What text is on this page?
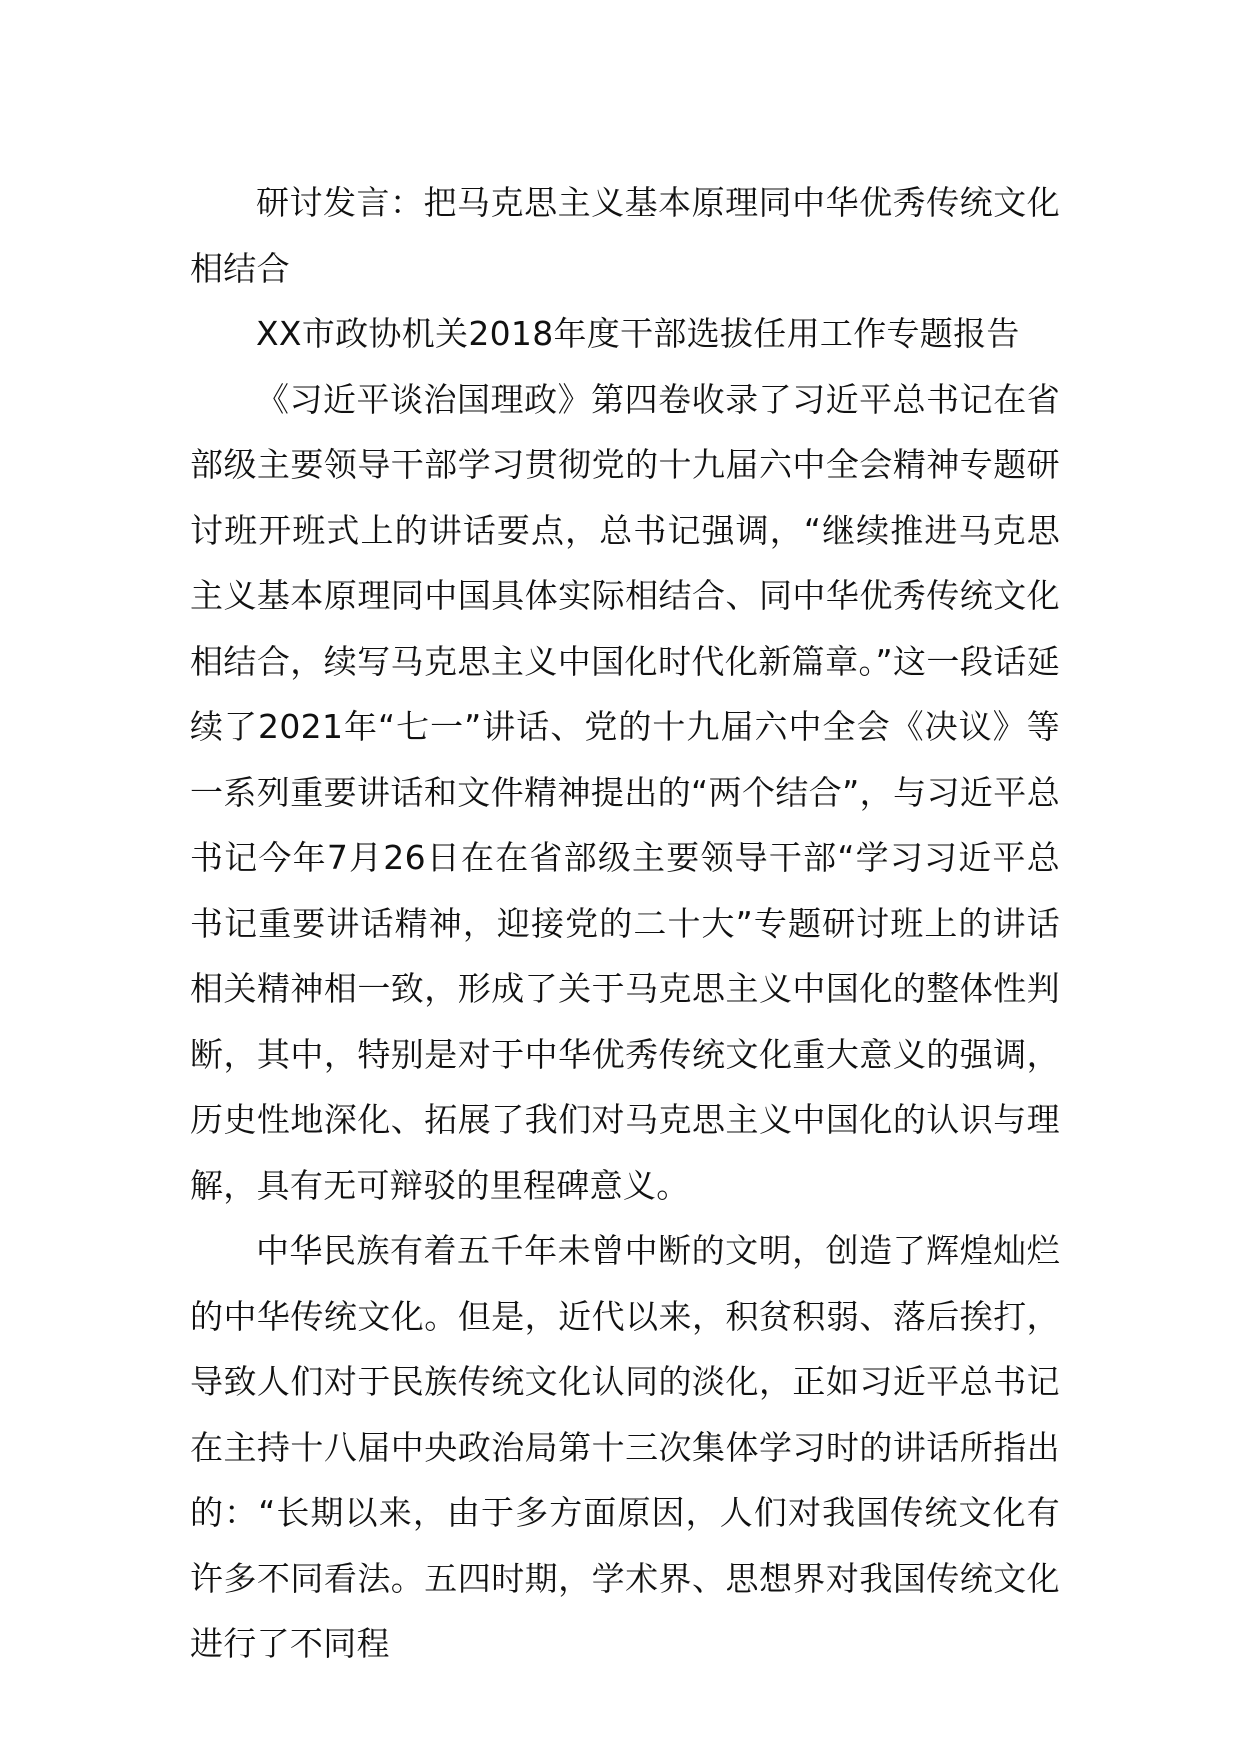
研讨发言：把马克思主义基本原理同中华优秀传统文化相结合

XX市政协机关2018年度干部选拔任用工作专题报告

《习近平谈治国理政》第四卷收录了习近平总书记在省部级主要领导干部学习贯彻党的十九届六中全会精神专题研讨班开班式上的讲话要点，总书记强调，“继续推进马克思主义基本原理同中国具体实际相结合、同中华优秀传统文化相结合，续写马克思主义中国化时代化新篇章。”这一段话延续了2021年“七一”讲话、党的十九届六中全会《决议》等一系列重要讲话和文件精神提出的“两个结合”，与习近平总书记今年7月26日在在省部级主要领导干部“学习习近平总书记重要讲话精神，迎接党的二十大”专题研讨班上的讲话相关精神相一致，形成了关于马克思主义中国化的整体性判断，其中，特别是对于中华优秀传统文化重大意义的强调，历史性地深化、拓展了我们对马克思主义中国化的认识与理解，具有无可辩驳的里程碑意义。

中华民族有着五千年未曾中断的文明，创造了辉煌灿烂的中华传统文化。但是，近代以来，积贫积弱、落后挨打，导致人们对于民族传统文化认同的淡化，正如习近平总书记在主持十八届中央政治局第十三次集体学习时的讲话所指出的：“长期以来，由于多方面原因，人们对我国传统文化有许多不同看法。五四时期，学术界、思想界对我国传统文化进行了不同程
